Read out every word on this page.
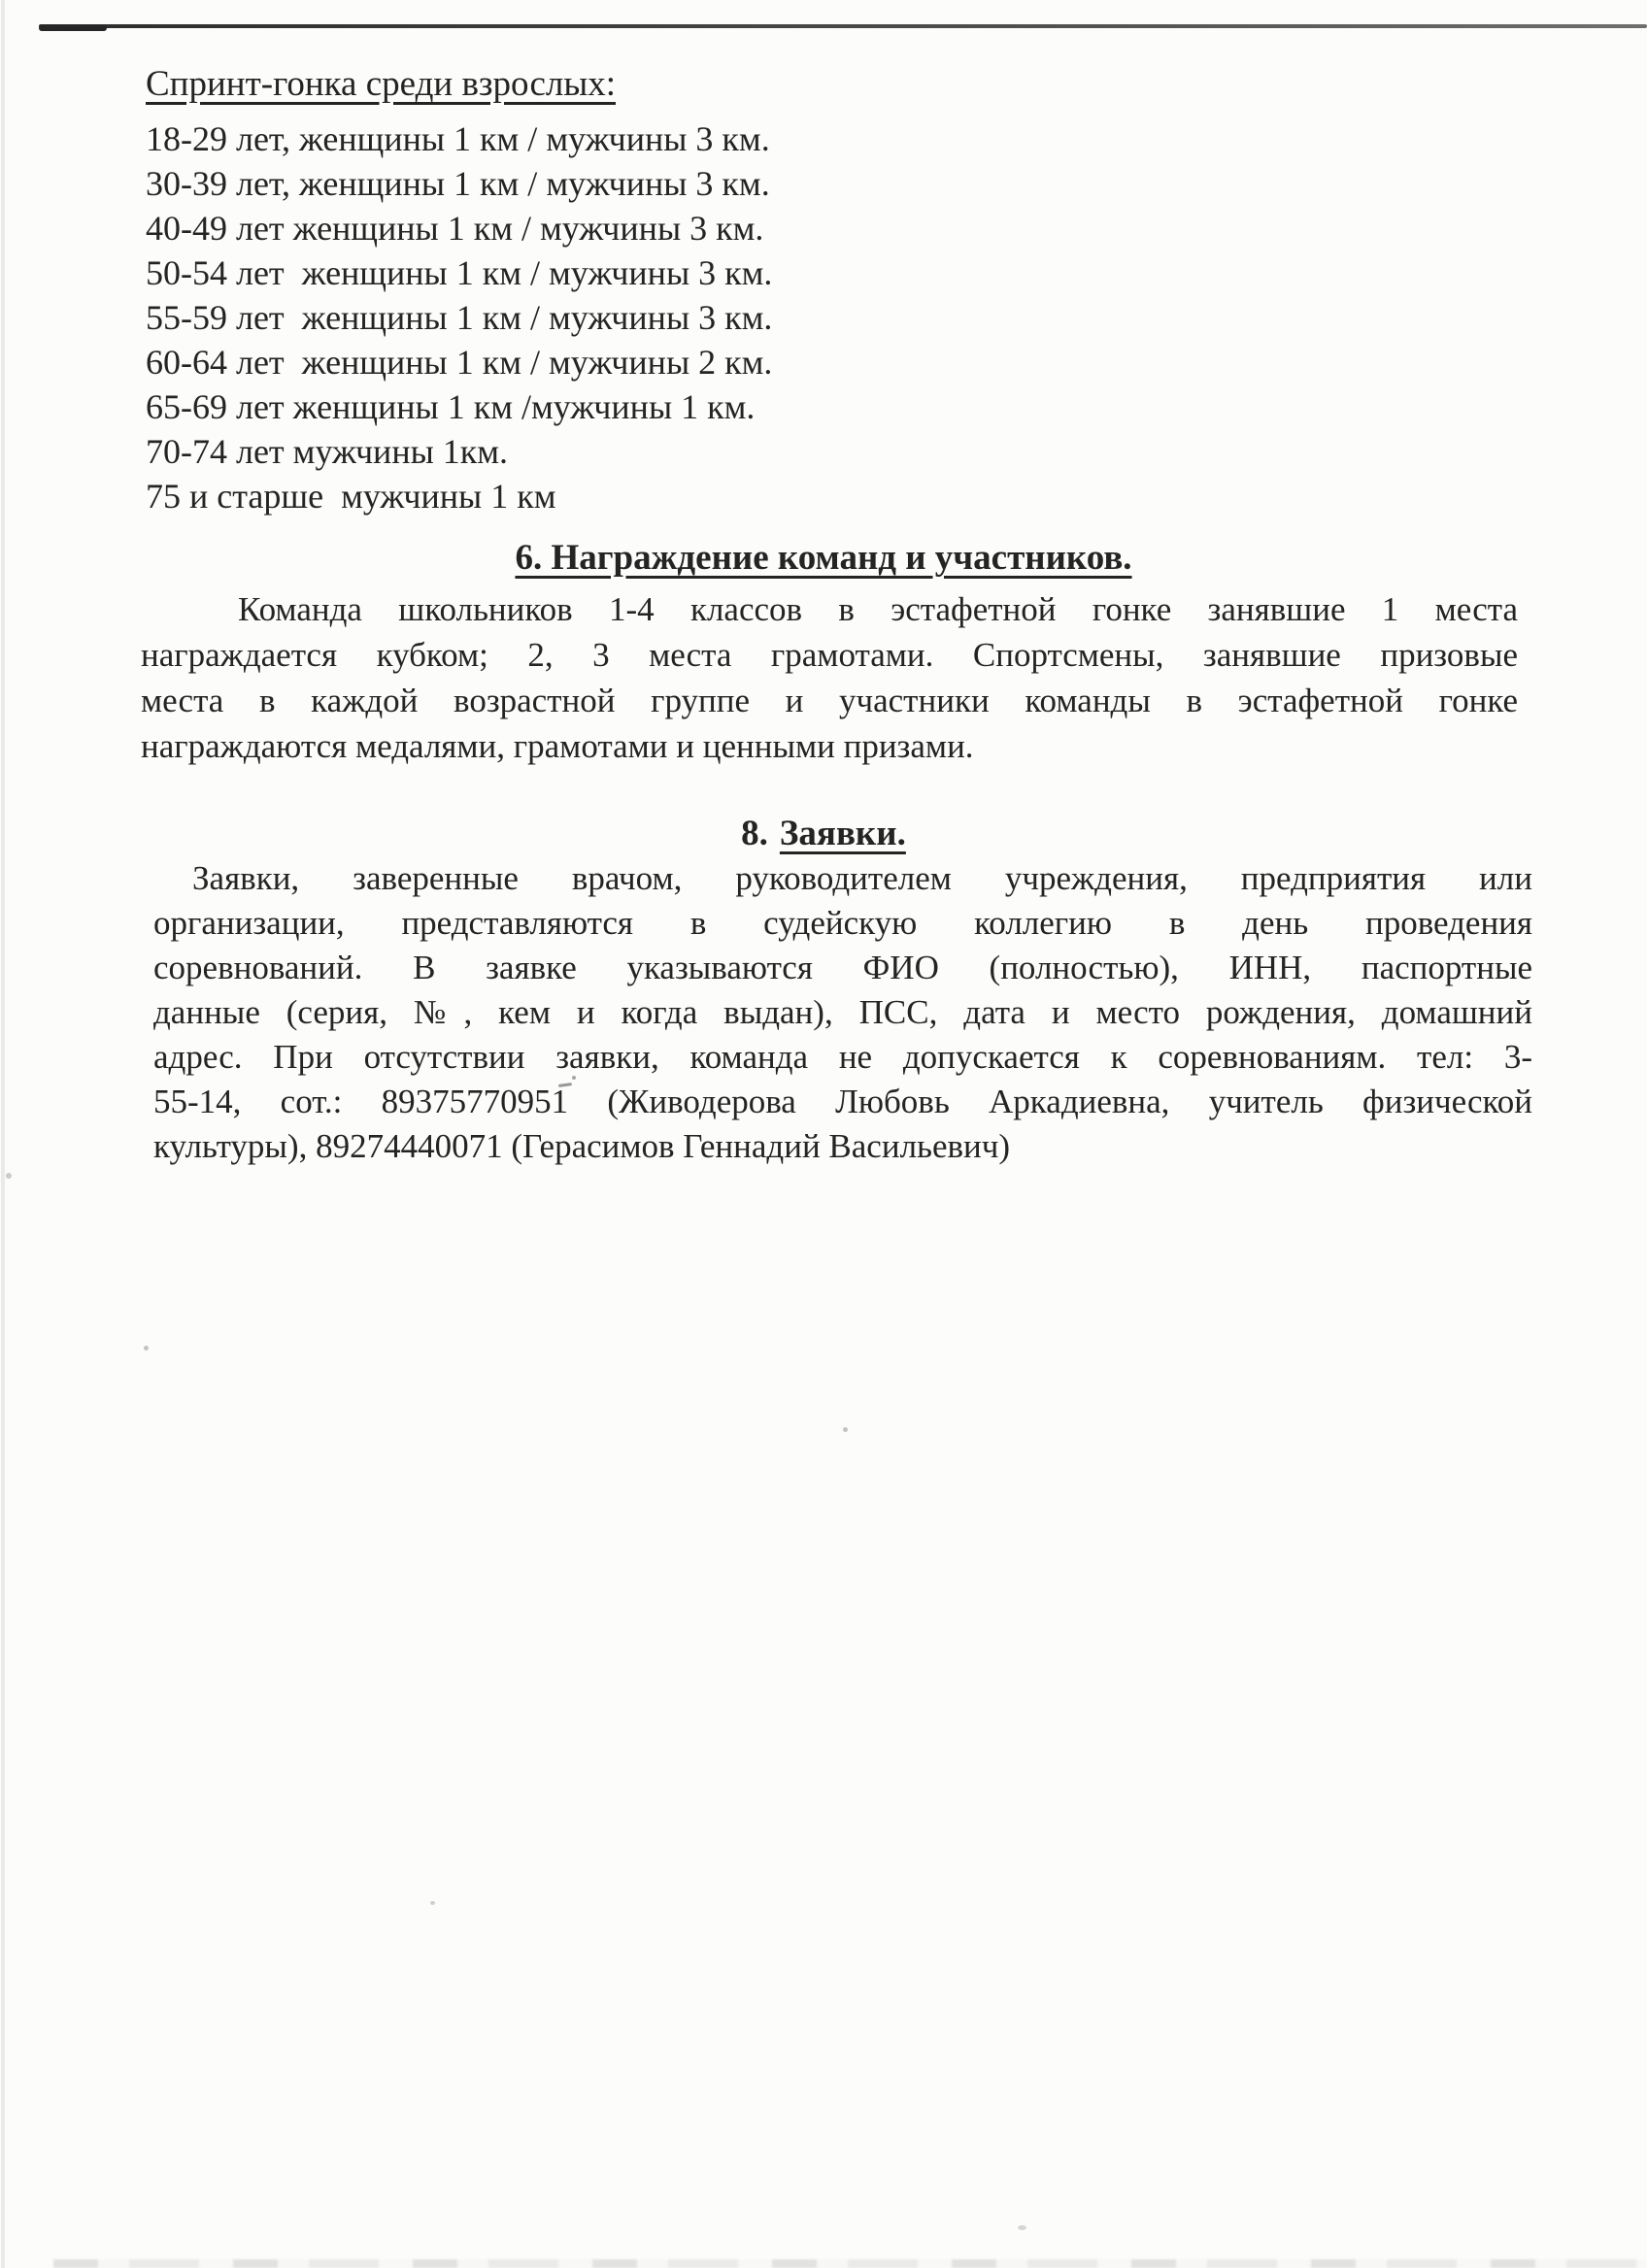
Спринт-гонка среди взрослых:
18-29 лет, женщины 1 км / мужчины 3 км.
30-39 лет, женщины 1 км / мужчины 3 км.
40-49 лет женщины 1 км / мужчины 3 км.
50-54 лет  женщины 1 км / мужчины 3 км.
55-59 лет  женщины 1 км / мужчины 3 км.
60-64 лет  женщины 1 км / мужчины 2 км.
65-69 лет женщины 1 км /мужчины 1 км.
70-74 лет мужчины 1км.
75 и старше  мужчины 1 км
6. Награждение команд и участников.
Команда школьников 1-4 классов в эстафетной гонке занявшие 1 места
награждается кубком; 2, 3 места грамотами. Спортсмены, занявшие призовые
места в каждой возрастной группе и участники команды в эстафетной гонке
награждаются медалями, грамотами и ценными призами.
8. Заявки.
Заявки, заверенные врачом, руководителем учреждения, предприятия или
организации, представляются в судейскую коллегию в день проведения
соревнований. В заявке указываются ФИО (полностью), ИНН, паспортные
данные (серия, №, кем и когда выдан), ПСС, дата и место рождения, домашний
адрес. При отсутствии заявки, команда не допускается к соревнованиям. тел: 3-
55-14, сот.: 89375770951 (Живодерова Любовь Аркадиевна, учитель физической
культуры), 89274440071 (Герасимов Геннадий Васильевич)
